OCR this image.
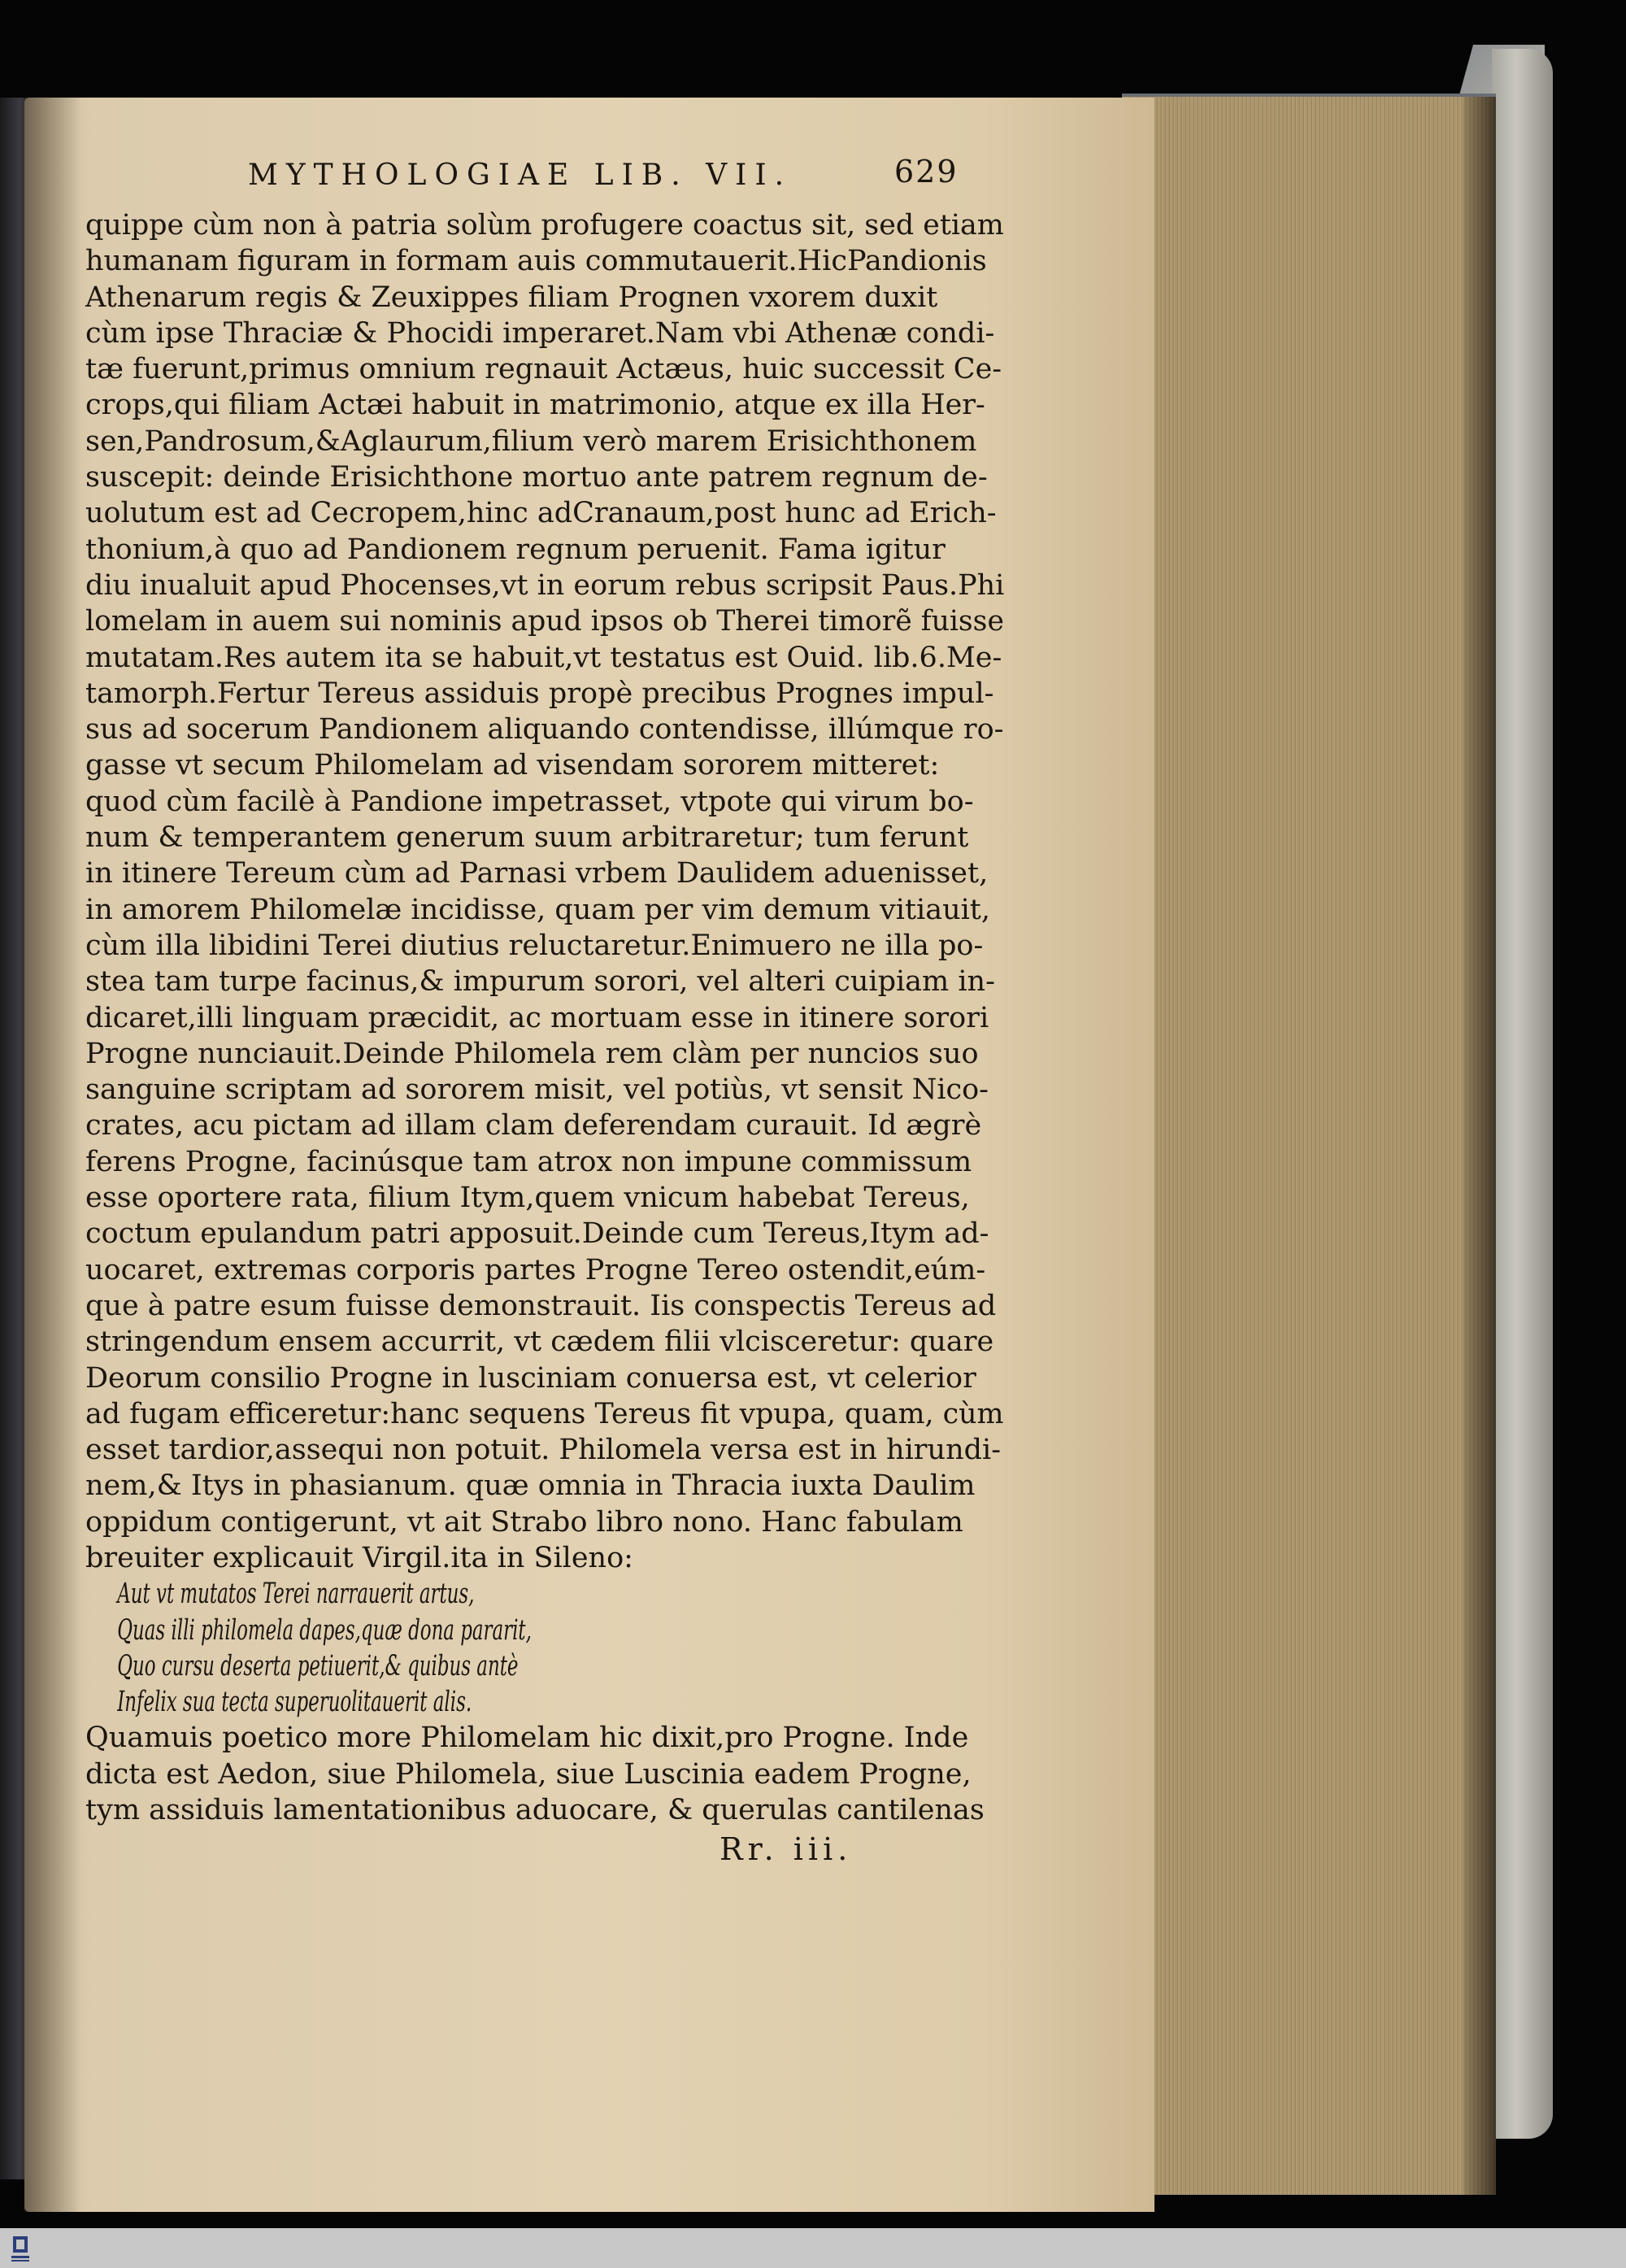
MYTHOLOGIAE LIB. VII.	629
quippe cùm non à patria solùm profugere coactus sit, sed etiam
humanam figuram in formam auis commutauerit.HicPandionis
Athenarum regis & Zeuxippes filiam Prognen vxorem duxit
cùm ipse Thraciæ & Phocidi imperaret.Nam vbi Athenæ condi-
tæ fuerunt,primus omnium regnauit Actæus, huic successit Ce-
crops,qui filiam Actæi habuit in matrimonio, atque ex illa Her-
sen,Pandrosum,&Aglaurum,filium verò marem Erisichthonem
suscepit: deinde Erisichthone mortuo ante patrem regnum de-
uolutum est ad Cecropem,hinc adCranaum,post hunc ad Erich-
thonium,à quo ad Pandionem regnum peruenit. Fama igitur
diu inualuit apud Phocenses,vt in eorum rebus scripsit Paus.Phi
lomelam in auem sui nominis apud ipsos ob Therei timorẽ fuisse
mutatam.Res autem ita se habuit,vt testatus est Ouid. lib.6.Me-
tamorph.Fertur Tereus assiduis propè precibus Prognes impul-
sus ad socerum Pandionem aliquando contendisse, illúmque ro-
gasse vt secum Philomelam ad visendam sororem mitteret:
quod cùm facilè à Pandione impetrasset, vtpote qui virum bo-
num & temperantem generum suum arbitraretur; tum ferunt
in itinere Tereum cùm ad Parnasi vrbem Daulidem aduenisset,
in amorem Philomelæ incidisse, quam per vim demum vitiauit,
cùm illa libidini Terei diutius reluctaretur.Enimuero ne illa po-
stea tam turpe facinus,& impurum sorori, vel alteri cuipiam in-
dicaret,illi linguam præcidit, ac mortuam esse in itinere sorori
Progne nunciauit.Deinde Philomela rem clàm per nuncios suo
sanguine scriptam ad sororem misit, vel potiùs, vt sensit Nico-
crates, acu pictam ad illam clam deferendam curauit. Id ægrè
ferens Progne, facinúsque tam atrox non impune commissum
esse oportere rata, filium Itym,quem vnicum habebat Tereus,
coctum epulandum patri apposuit.Deinde cum Tereus,Itym ad-
uocaret, extremas corporis partes Progne Tereo ostendit,eúm-
que à patre esum fuisse demonstrauit. Iis conspectis Tereus ad
stringendum ensem accurrit, vt cædem filii vlcisceretur: quare
Deorum consilio Progne in lusciniam conuersa est, vt celerior
ad fugam efficeretur:hanc sequens Tereus fit vpupa, quam, cùm
esset tardior,assequi non potuit. Philomela versa est in hirundi-
nem,& Itys in phasianum. quæ omnia in Thracia iuxta Daulim
oppidum contigerunt, vt ait Strabo libro nono. Hanc fabulam
breuiter explicauit Virgil.ita in Sileno:
Aut vt mutatos Terei narrauerit artus,
Quas illi philomela dapes,quæ dona pararit,
Quo cursu deserta petiuerit,& quibus antè
Infelix sua tecta superuolitauerit alis.
Quamuis poetico more Philomelam hic dixit,pro Progne. Inde
dicta est Aedon, siue Philomela, siue Luscinia eadem Progne,
tym assiduis lamentationibus aduocare, & querulas cantilenas
Rr. iii.
